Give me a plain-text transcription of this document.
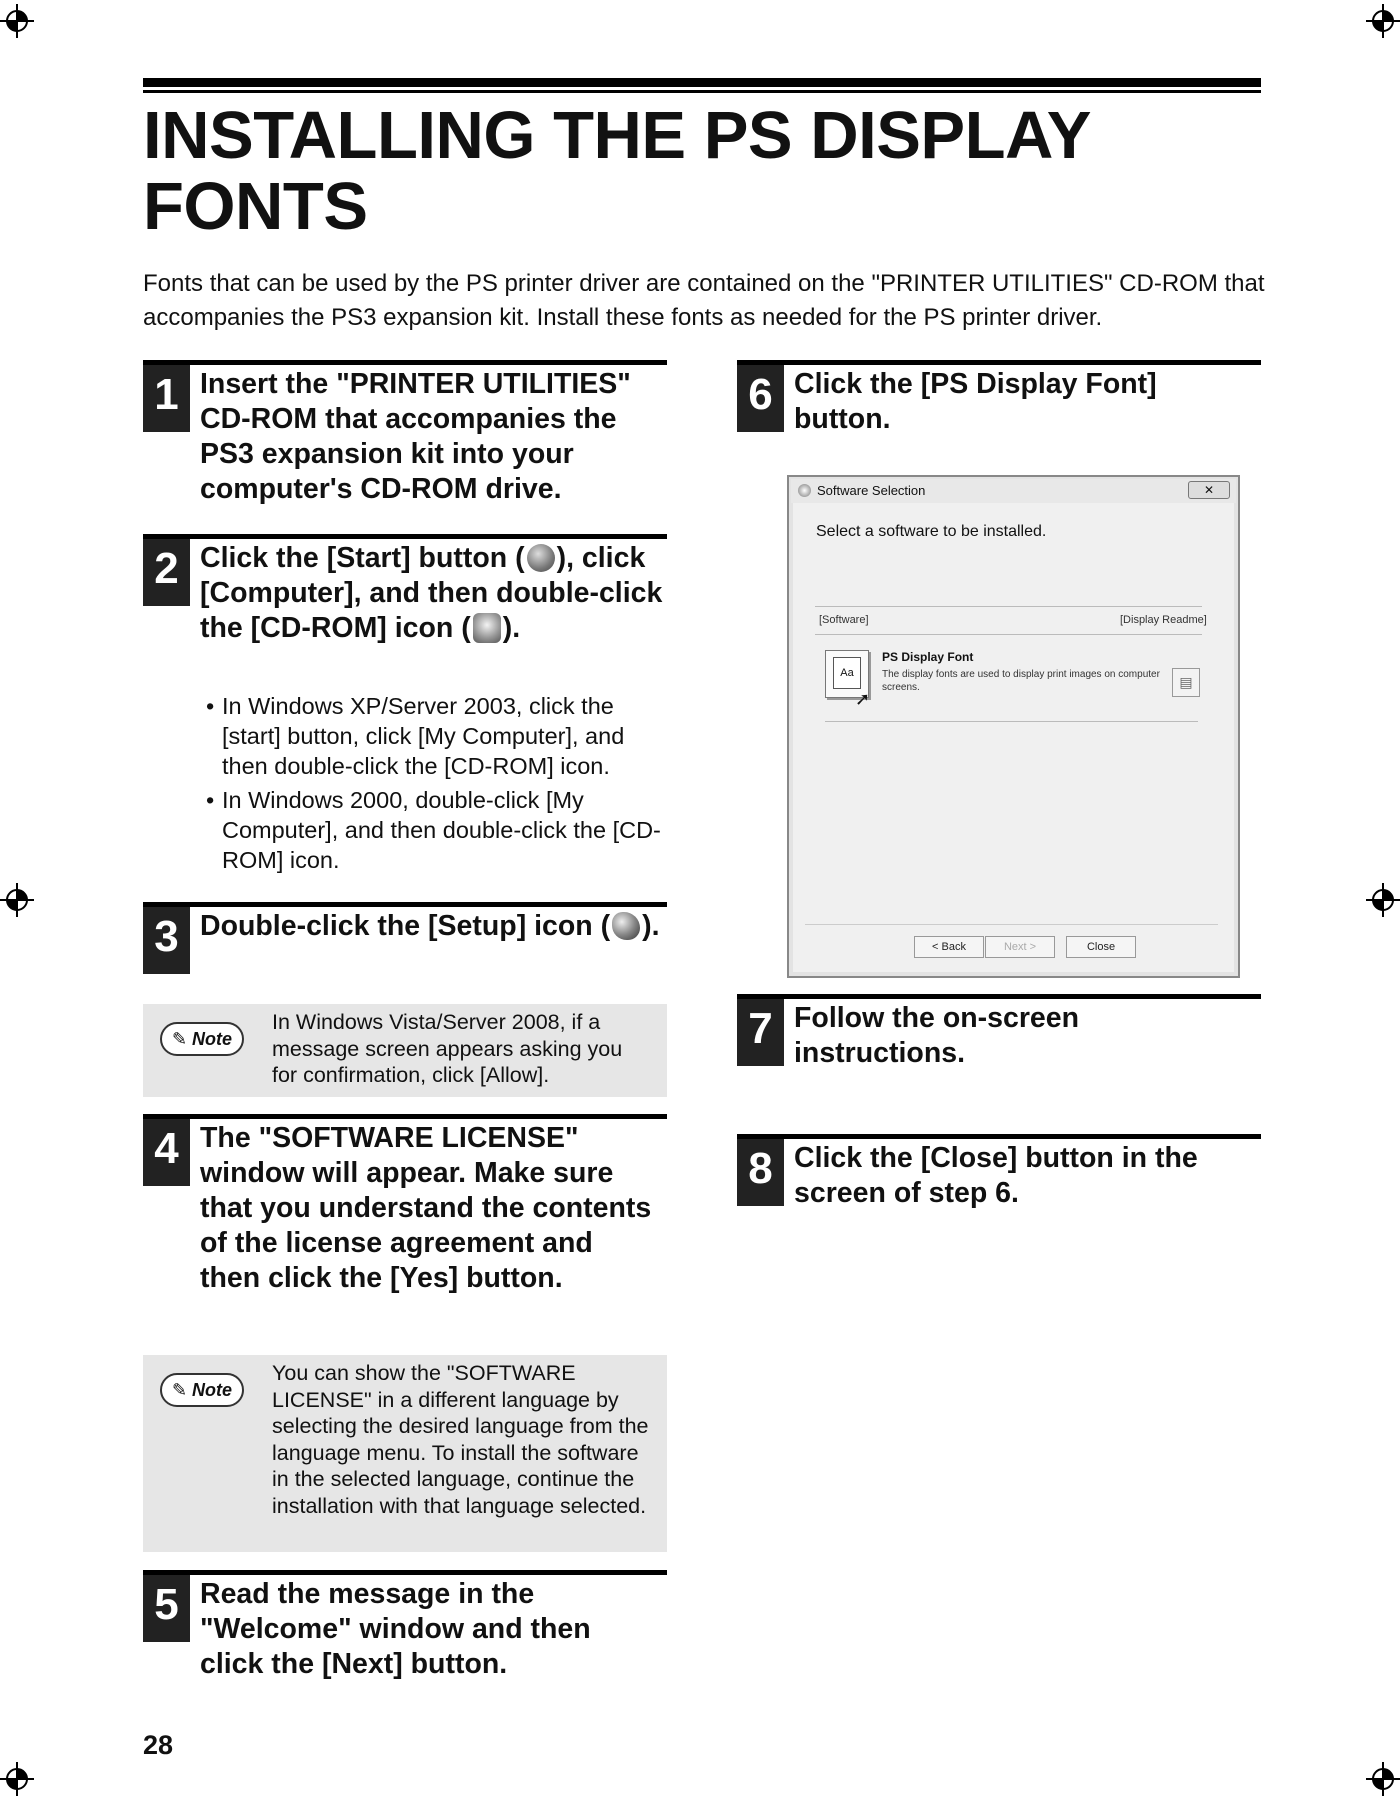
INSTALLING THE PS DISPLAY FONTS

Fonts that can be used by the PS printer driver are contained on the "PRINTER UTILITIES" CD-ROM that accompanies the PS3 expansion kit. Install these fonts as needed for the PS printer driver.

1 Insert the "PRINTER UTILITIES" CD-ROM that accompanies the PS3 expansion kit into your computer's CD-ROM drive.

2 Click the [Start] button ( ), click [Computer], and then double-click the [CD-ROM] icon ( ).

• In Windows XP/Server 2003, click the [start] button, click [My Computer], and then double-click the [CD-ROM] icon.
• In Windows 2000, double-click [My Computer], and then double-click the [CD-ROM] icon.
3 Double-click the [Setup] icon ( ).

✎ Note

In Windows Vista/Server 2008, if a message screen appears asking you for confirmation, click [Allow].

4 The "SOFTWARE LICENSE" window will appear. Make sure that you understand the contents of the license agreement and then click the [Yes] button.

✎ Note

You can show the "SOFTWARE LICENSE" in a different language by selecting the desired language from the language menu. To install the software in the selected language, continue the installation with that language selected.

5 Read the message in the "Welcome" window and then click the [Next] button.

6 Click the [PS Display Font] button.

Software Selection	✕
Select a software to be installed.
[Software]	[Display Readme]
Aa
➚
PS Display Font
The display fonts are used to display print images on computer screens.	▤
< Back	Next >	Close
7 Follow the on-screen instructions.

8 Click the [Close] button in the screen of step 6.

28
